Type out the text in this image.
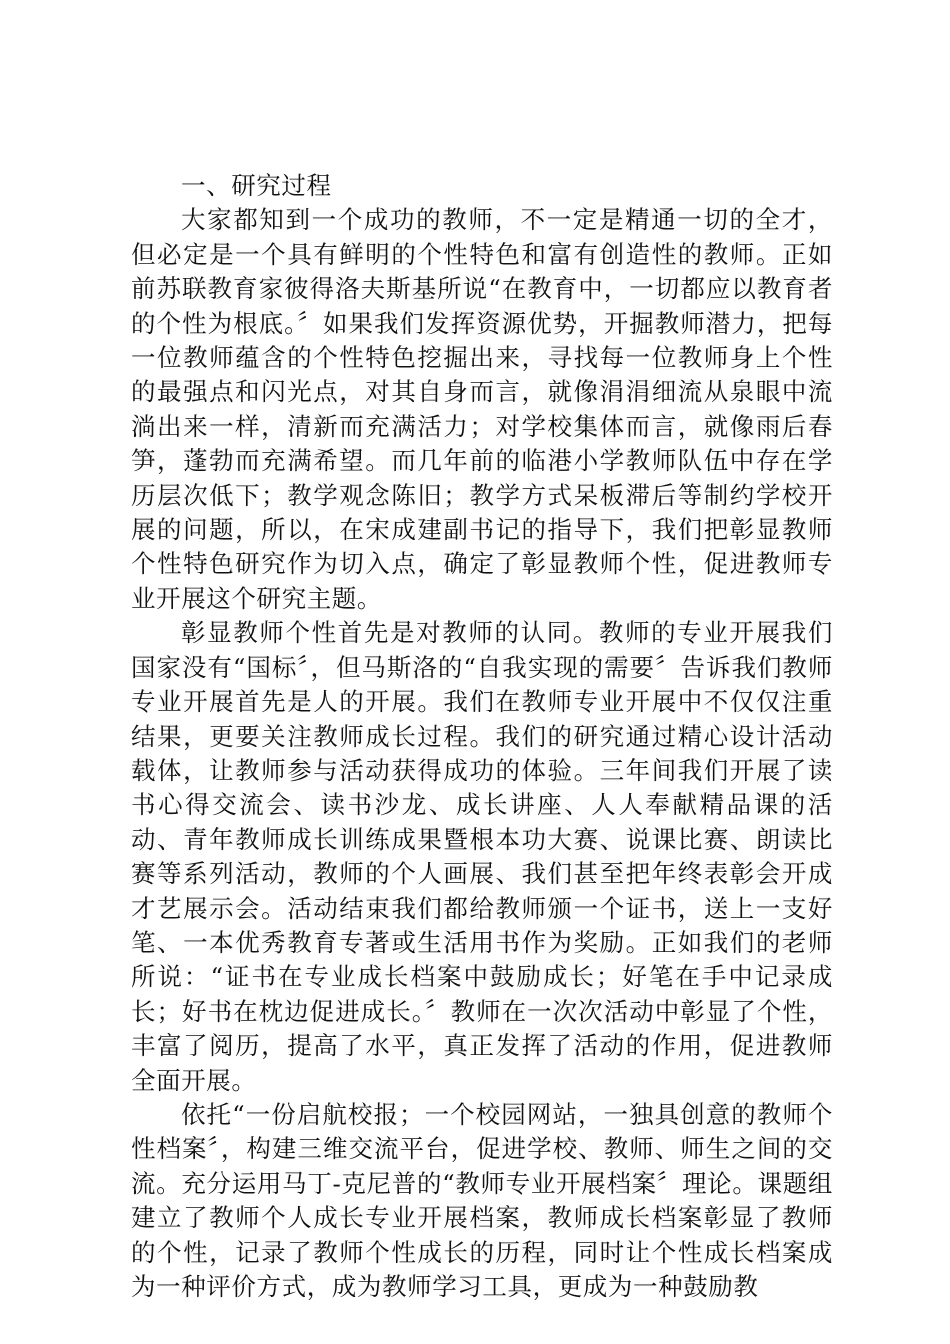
一、研究过程

大家都知到一个成功的教师，不一定是精通一切的全才，但必定是一个具有鲜明的个性特色和富有创造性的教师。正如前苏联教育家彼得洛夫斯基所说“在教育中，一切都应以教育者的个性为根底。〞如果我们发挥资源优势，开掘教师潜力，把每一位教师蕴含的个性特色挖掘出来，寻找每一位教师身上个性的最强点和闪光点，对其自身而言，就像涓涓细流从泉眼中流淌出来一样，清新而充满活力；对学校集体而言，就像雨后春笋，蓬勃而充满希望。而几年前的临港小学教师队伍中存在学历层次低下；教学观念陈旧；教学方式呆板滞后等制约学校开展的问题，所以，在宋成建副书记的指导下，我们把彰显教师个性特色研究作为切入点，确定了彰显教师个性，促进教师专业开展这个研究主题。

彰显教师个性首先是对教师的认同。教师的专业开展我们国家没有“国标〞，但马斯洛的“自我实现的需要〞告诉我们教师专业开展首先是人的开展。我们在教师专业开展中不仅仅注重结果，更要关注教师成长过程。我们的研究通过精心设计活动载体，让教师参与活动获得成功的体验。三年间我们开展了读书心得交流会、读书沙龙、成长讲座、人人奉献精品课的活动、青年教师成长训练成果暨根本功大赛、说课比赛、朗读比赛等系列活动，教师的个人画展、我们甚至把年终表彰会开成才艺展示会。活动结束我们都给教师颁一个证书，送上一支好笔、一本优秀教育专著或生活用书作为奖励。正如我们的老师所说：“证书在专业成长档案中鼓励成长；好笔在手中记录成长；好书在枕边促进成长。〞教师在一次次活动中彰显了个性，丰富了阅历，提高了水平，真正发挥了活动的作用，促进教师全面开展。

依托“一份启航校报；一个校园网站，一独具创意的教师个性档案〞，构建三维交流平台，促进学校、教师、师生之间的交流。充分运用马丁-克尼普的“教师专业开展档案〞理论。课题组建立了教师个人成长专业开展档案，教师成长档案彰显了教师的个性，记录了教师个性成长的历程，同时让个性成长档案成为一种评价方式，成为教师学习工具，更成为一种鼓励教
